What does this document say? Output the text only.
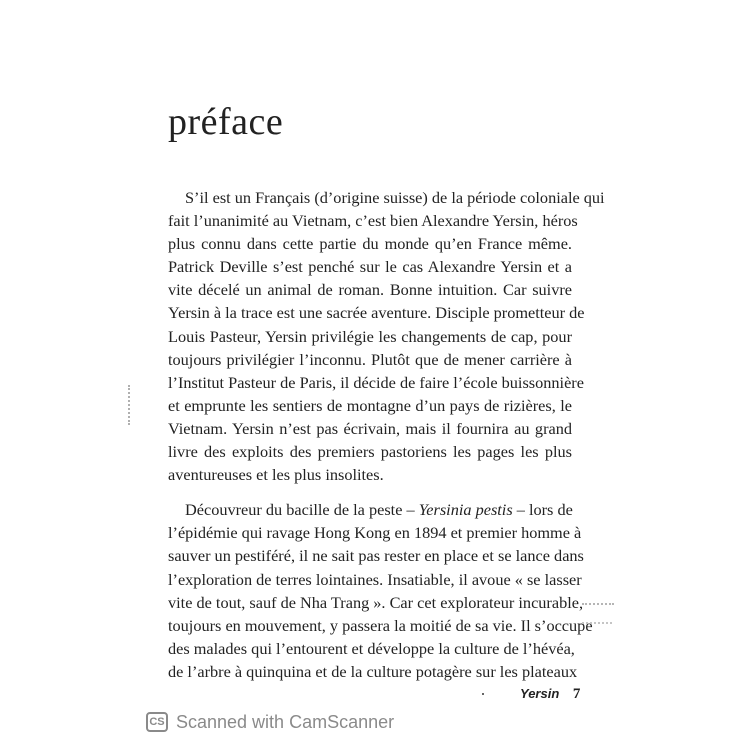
préface
S’il est un Français (d’origine suisse) de la période coloniale qui
fait l’unanimité au Vietnam, c’est bien Alexandre Yersin, héros
plus connu dans cette partie du monde qu’en France même.
Patrick Deville s’est penché sur le cas Alexandre Yersin et a
vite décelé un animal de roman. Bonne intuition. Car suivre
Yersin à la trace est une sacrée aventure. Disciple prometteur de
Louis Pasteur, Yersin privilégie les changements de cap, pour
toujours privilégier l’inconnu. Plutôt que de mener carrière à
l’Institut Pasteur de Paris, il décide de faire l’école buissonnière
et emprunte les sentiers de montagne d’un pays de rizières, le
Vietnam. Yersin n’est pas écrivain, mais il fournira au grand
livre des exploits des premiers pastoriens les pages les plus
aventureuses et les plus insolites.
Découvreur du bacille de la peste – Yersinia pestis – lors de
l’épidémie qui ravage Hong Kong en 1894 et premier homme à
sauver un pestiféré, il ne sait pas rester en place et se lance dans
l’exploration de terres lointaines. Insatiable, il avoue « se lasser
vite de tout, sauf de Nha Trang ». Car cet explorateur incurable,
toujours en mouvement, y passera la moitié de sa vie. Il s’occupe
des malades qui l’entourent et développe la culture de l’hévéa,
de l’arbre à quinquina et de la culture potagère sur les plateaux
Yersin 7
CS Scanned with CamScanner
